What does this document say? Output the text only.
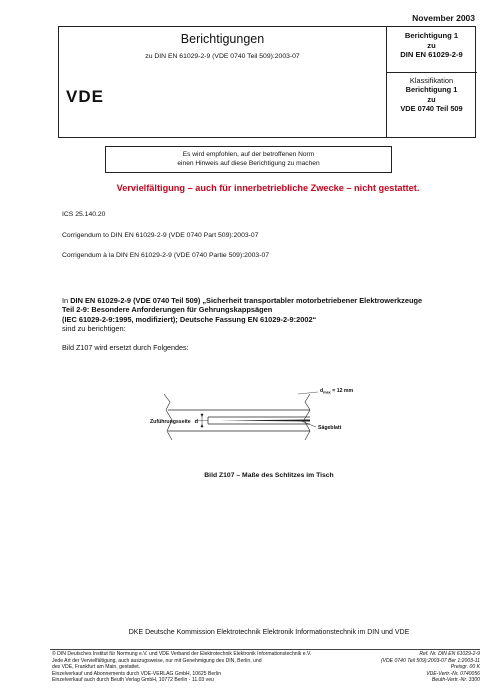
November 2003
Berichtigungen
zu DIN EN 61029-2-9 (VDE 0740 Teil 509):2003-07
Berichtigung 1
zu
DIN EN 61029-2-9
Klassifikation
Berichtigung 1
zu
VDE 0740 Teil 509
VDE
Es wird empfohlen, auf der betroffenen Norm
einen Hinweis auf diese Berichtigung zu machen
Vervielfältigung – auch für innerbetriebliche Zwecke – nicht gestattet.
ICS 25.140.20
Corrigendum to DIN EN 61029-2-9 (VDE 0740 Part 509):2003-07
Corrigendum à la DIN EN 61029-2-9 (VDE 0740 Partie 509):2003-07
In DIN EN 61029-2-9 (VDE 0740 Teil 509) „Sicherheit transportabler motorbetriebener Elektrowerkzeuge
Teil 2-9: Besondere Anforderungen für Gehrungskappsägen
(IEC 61029-2-9:1995, modifiziert); Deutsche Fassung EN 61029-2-9:2002“
sind zu berichtigen:
Bild Z107 wird ersetzt durch Folgendes:
$d_{max} = 12$ mm
Zuführungsseite d
Sägeblatt
Bild Z107 – Maße des Schlitzes im Tisch
DKE Deutsche Kommission Elektrotechnik Elektronik Informationstechnik im DIN und VDE
© DIN Deutsches Institut für Normung e.V. und VDE Verband der Elektrotechnik Elektronik Informationstechnik e.V.
Jede Art der Vervielfältigung, auch auszugsweise, nur mit Genehmigung des DIN, Berlin, und
des VDE, Frankfurt am Main, gestattet.
Einzelverkauf und Abonnements durch VDE-VERLAG GmbH, 10625 Berlin
Einzelverkauf auch durch Beuth Verlag GmbH, 10772 Berlin - 11.03 veu
Ref. Nr. DIN EN 61029-2-9
(VDE 0740 Teil 509):2003-07 Ber 1:2003-11
Preisgr. 00 K
VDE-Vertr.-Nr. 0740056
Beuth-Vertr.-Nr. 3300
